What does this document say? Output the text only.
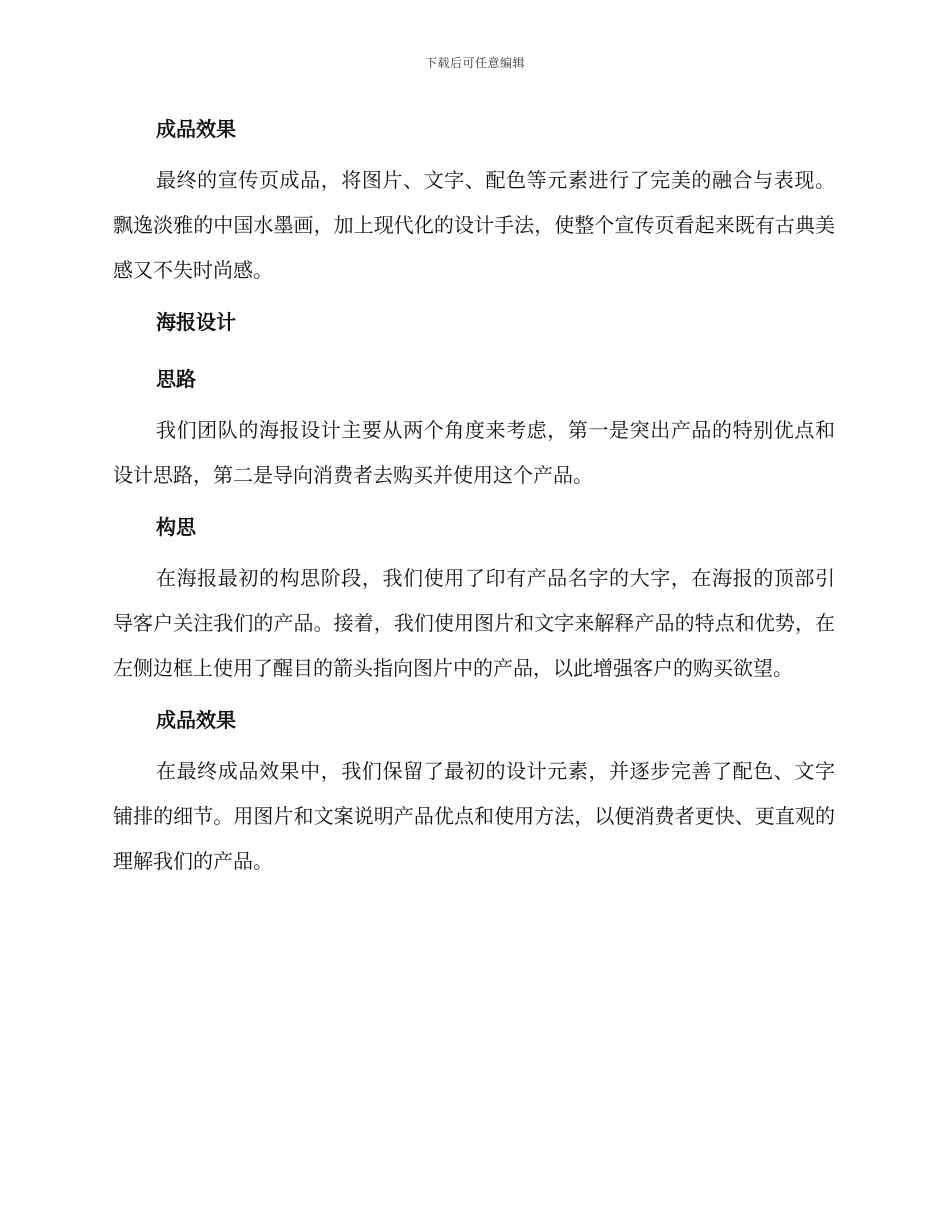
下载后可任意编辑
成品效果

最终的宣传页成品，将图片、文字、配色等元素进行了完美的融合与表现。飘逸淡雅的中国水墨画，加上现代化的设计手法，使整个宣传页看起来既有古典美感又不失时尚感。

海报设计
思路

我们团队的海报设计主要从两个角度来考虑，第一是突出产品的特别优点和设计思路，第二是导向消费者去购买并使用这个产品。

构思

在海报最初的构思阶段，我们使用了印有产品名字的大字，在海报的顶部引导客户关注我们的产品。接着，我们使用图片和文字来解释产品的特点和优势，在左侧边框上使用了醒目的箭头指向图片中的产品，以此增强客户的购买欲望。

成品效果

在最终成品效果中，我们保留了最初的设计元素，并逐步完善了配色、文字铺排的细节。用图片和文案说明产品优点和使用方法，以便消费者更快、更直观的理解我们的产品。
